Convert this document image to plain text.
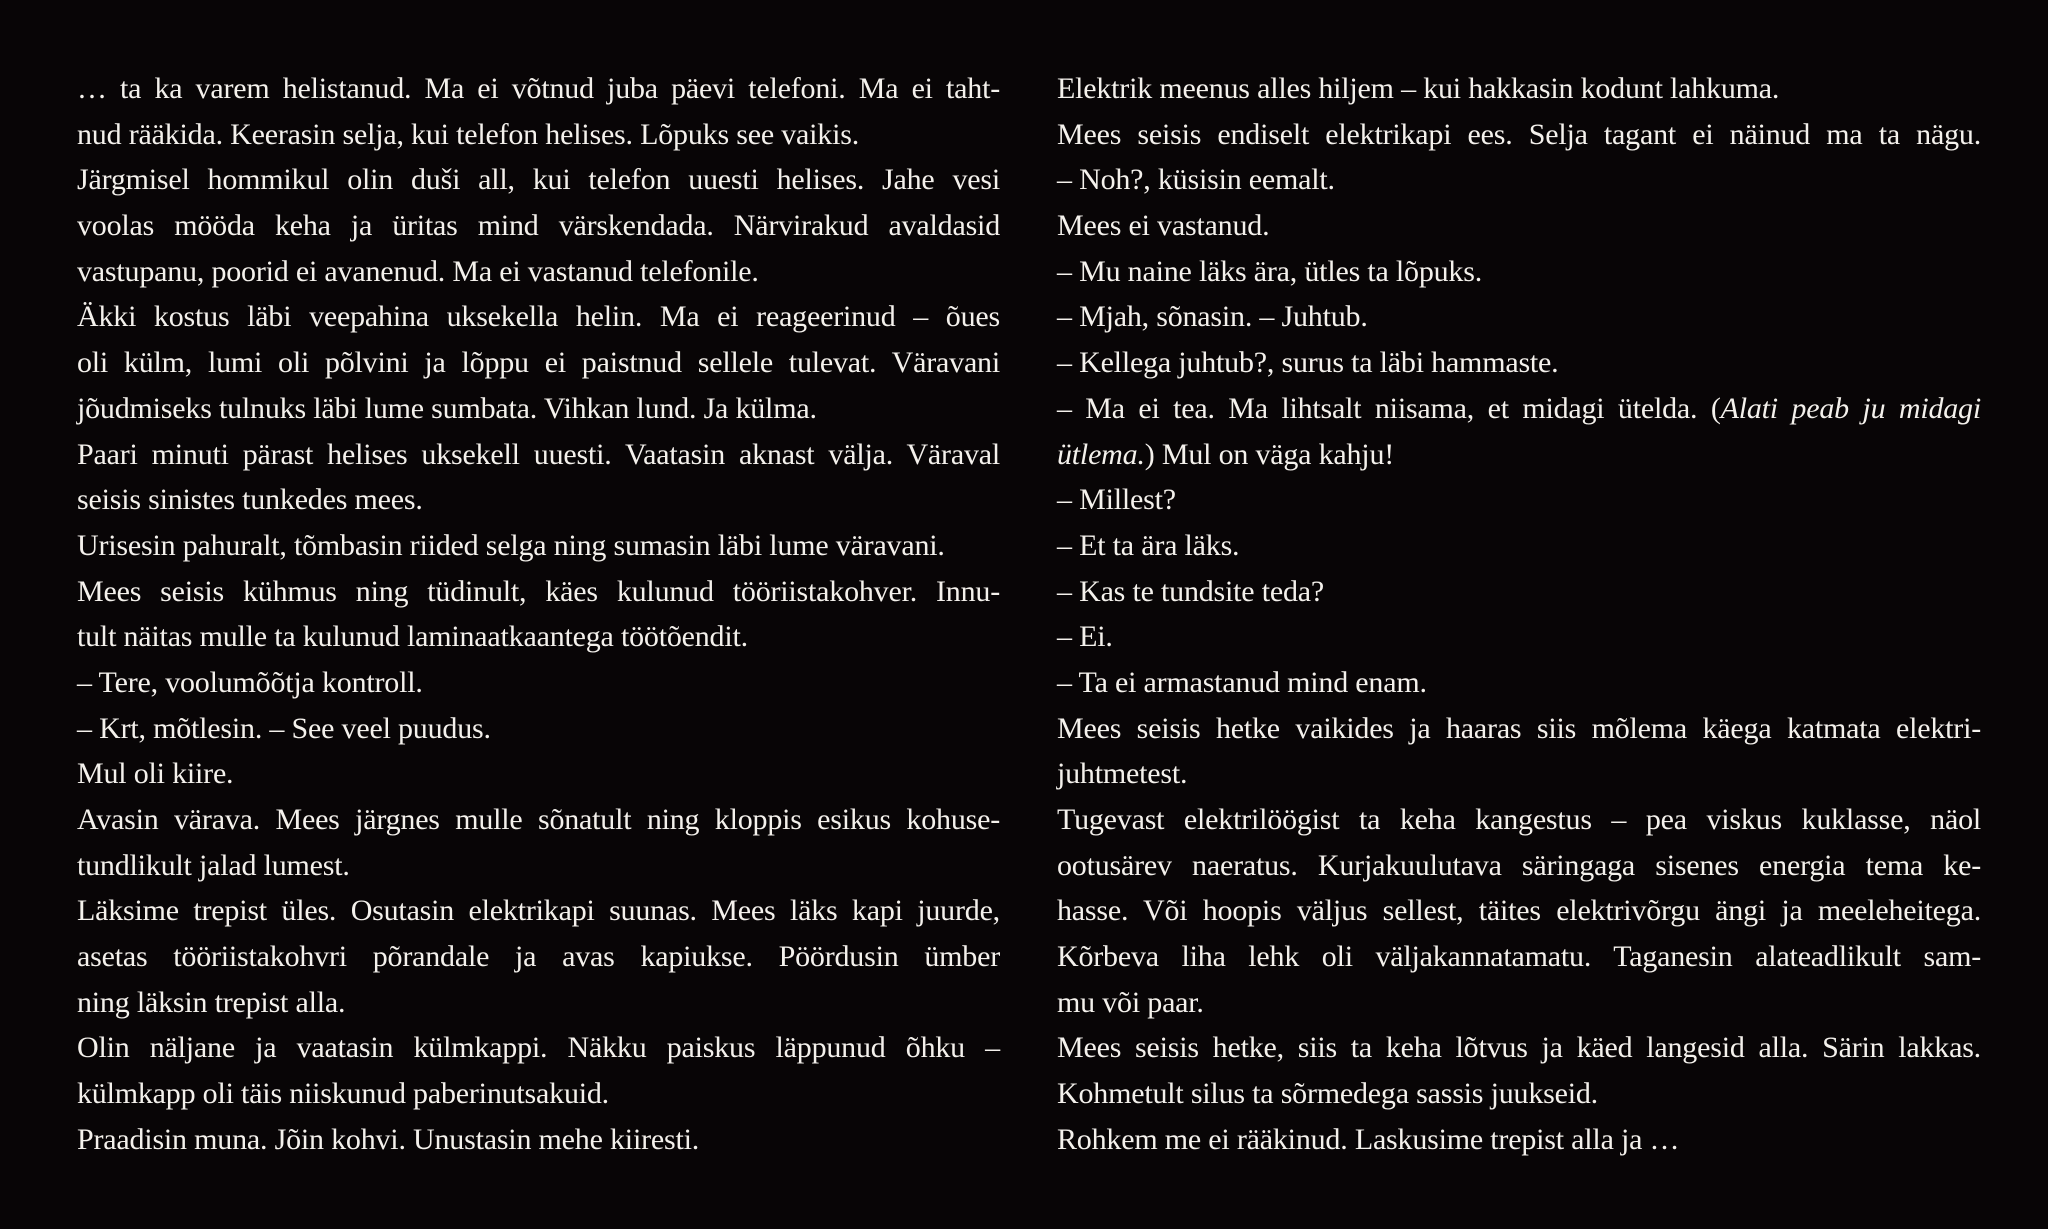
… ta ka varem helistanud. Ma ei võtnud juba päevi telefoni. Ma ei taht-
nud rääkida. Keerasin selja, kui telefon helises. Lõpuks see vaikis.
Järgmisel hommikul olin duši all, kui telefon uuesti helises. Jahe vesi
voolas mööda keha ja üritas mind värskendada. Närvirakud avaldasid
vastupanu, poorid ei avanenud. Ma ei vastanud telefonile.
Äkki kostus läbi veepahina uksekella helin. Ma ei reageerinud – õues
oli külm, lumi oli põlvini ja lõppu ei paistnud sellele tulevat. Väravani
jõudmiseks tulnuks läbi lume sumbata. Vihkan lund. Ja külma.
Paari minuti pärast helises uksekell uuesti. Vaatasin aknast välja. Väraval
seisis sinistes tunkedes mees.
Urisesin pahuralt, tõmbasin riided selga ning sumasin läbi lume väravani.
Mees seisis kühmus ning tüdinult, käes kulunud tööriistakohver. Innu-
tult näitas mulle ta kulunud laminaatkaantega töötõendit.
– Tere, voolumõõtja kontroll.
– Krt, mõtlesin. – See veel puudus.
Mul oli kiire.
Avasin värava. Mees järgnes mulle sõnatult ning kloppis esikus kohuse-
tundlikult jalad lumest.
Läksime trepist üles. Osutasin elektrikapi suunas. Mees läks kapi juurde,
asetas tööriistakohvri põrandale ja avas kapiukse. Pöördusin ümber
ning läksin trepist alla.
Olin näljane ja vaatasin külmkappi. Näkku paiskus läppunud õhku –
külmkapp oli täis niiskunud paberinutsakuid.
Praadisin muna. Jõin kohvi. Unustasin mehe kiiresti.
Elektrik meenus alles hiljem – kui hakkasin kodunt lahkuma.
Mees seisis endiselt elektrikapi ees. Selja tagant ei näinud ma ta nägu.
– Noh?, küsisin eemalt.
Mees ei vastanud.
– Mu naine läks ära, ütles ta lõpuks.
– Mjah, sõnasin. – Juhtub.
– Kellega juhtub?, surus ta läbi hammaste.
– Ma ei tea. Ma lihtsalt niisama, et midagi ütelda. (Alati peab ju midagi
ütlema.) Mul on väga kahju!
– Millest?
– Et ta ära läks.
– Kas te tundsite teda?
– Ei.
– Ta ei armastanud mind enam.
Mees seisis hetke vaikides ja haaras siis mõlema käega katmata elektri-
juhtmetest.
Tugevast elektrilöögist ta keha kangestus – pea viskus kuklasse, näol
ootusärev naeratus. Kurjakuulutava säringaga sisenes energia tema ke-
hasse. Või hoopis väljus sellest, täites elektrivõrgu ängi ja meeleheitega.
Kõrbeva liha lehk oli väljakannatamatu. Taganesin alateadlikult sam-
mu või paar.
Mees seisis hetke, siis ta keha lõtvus ja käed langesid alla. Särin lakkas.
Kohmetult silus ta sõrmedega sassis juukseid.
Rohkem me ei rääkinud. Laskusime trepist alla ja …
